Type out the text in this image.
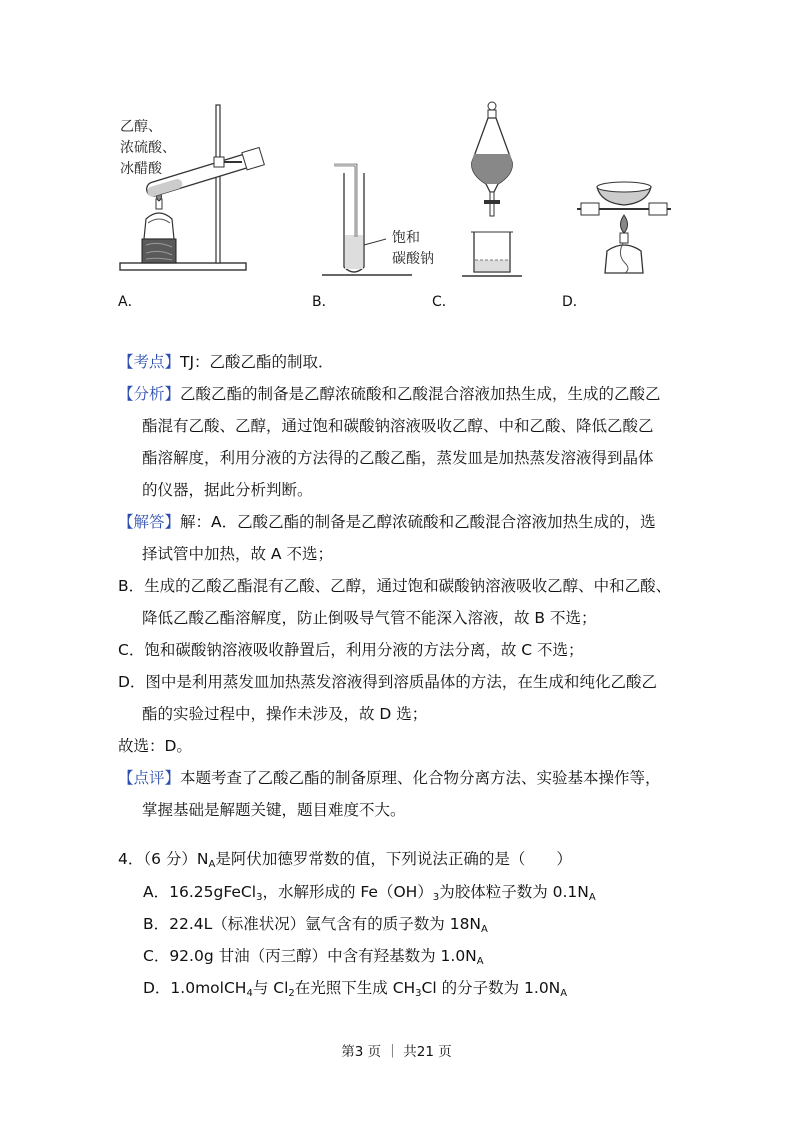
乙醇、
浓硫酸、
冰醋酸
A．
饱和
碳酸钠
B．	C．	D．
【考点】TJ：乙酸乙酯的制取．
【分析】乙酸乙酯的制备是乙醇浓硫酸和乙酸混合溶液加热生成，生成的乙酸乙
酯混有乙酸、乙醇，通过饱和碳酸钠溶液吸收乙醇、中和乙酸、降低乙酸乙
酯溶解度，利用分液的方法得的乙酸乙酯，蒸发皿是加热蒸发溶液得到晶体
的仪器，据此分析判断。
【解答】解：A．乙酸乙酯的制备是乙醇浓硫酸和乙酸混合溶液加热生成的，选
择试管中加热，故 A 不选；
B．生成的乙酸乙酯混有乙酸、乙醇，通过饱和碳酸钠溶液吸收乙醇、中和乙酸、
降低乙酸乙酯溶解度，防止倒吸导气管不能深入溶液，故 B 不选；
C．饱和碳酸钠溶液吸收静置后，利用分液的方法分离，故 C 不选；
D．图中是利用蒸发皿加热蒸发溶液得到溶质晶体的方法，在生成和纯化乙酸乙
酯的实验过程中，操作未涉及，故 D 选；
故选：D。
【点评】本题考查了乙酸乙酯的制备原理、化合物分离方法、实验基本操作等，
掌握基础是解题关键，题目难度不大。
4．（6 分）$N_A$是阿伏加德罗常数的值，下列说法正确的是（　　）
A．16.25gFeCl$_3$，水解形成的 $Fe(OH)_3$为胶体粒子数为 $0.1N_A$
B．22.4L（标准状况）氩气含有的质子数为 $18N_A$
C．92.0g 甘油（丙三醇）中含有羟基数为 $1.0N_A$
D．1.0molCH$_4$与 $Cl_2$在光照下生成 $CH_3Cl$ 的分子数为 $1.0N_A$
第3 页 ｜ 共21 页
